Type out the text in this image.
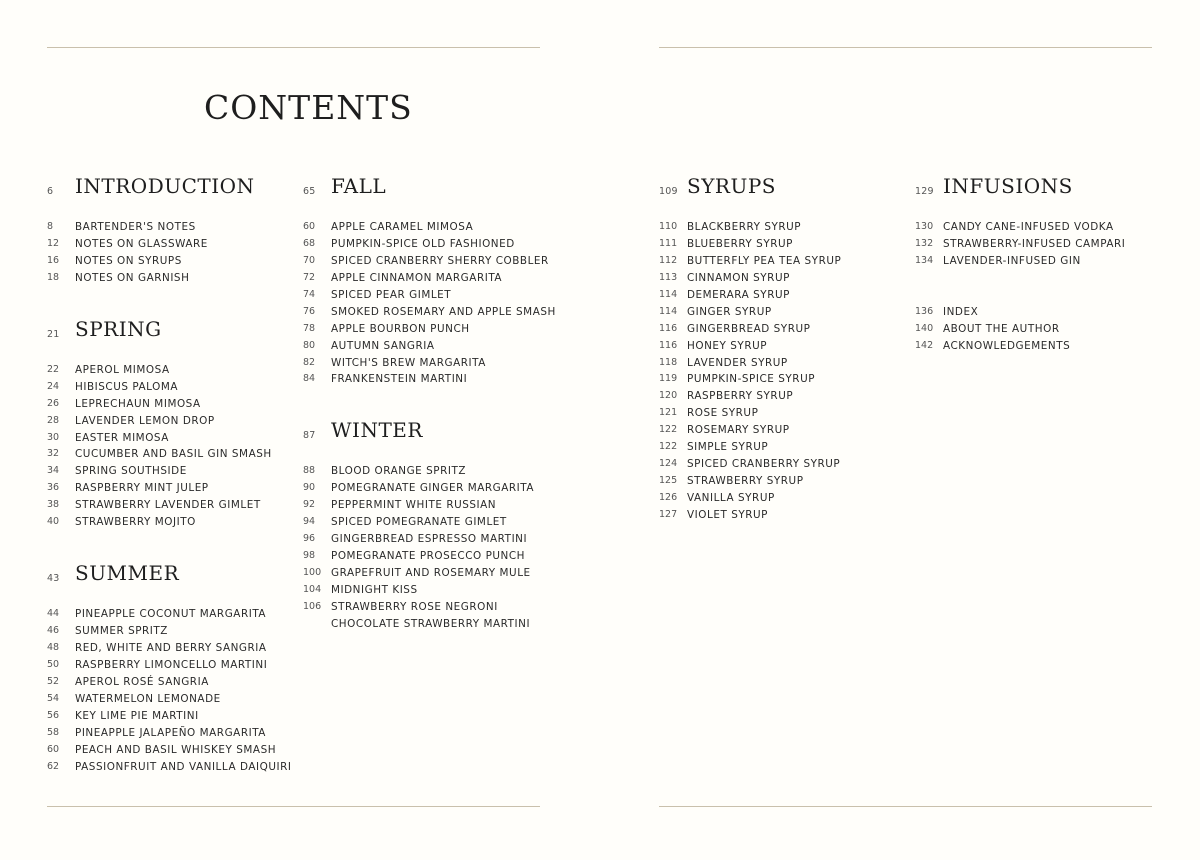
CONTENTS
6 INTRODUCTION
8	BARTENDER'S NOTES
12	NOTES ON GLASSWARE
16	NOTES ON SYRUPS
18	NOTES ON GARNISH
21 SPRING
22	APEROL MIMOSA
24	HIBISCUS PALOMA
26	LEPRECHAUN MIMOSA
28	LAVENDER LEMON DROP
30	EASTER MIMOSA
32	CUCUMBER AND BASIL GIN SMASH
34	SPRING SOUTHSIDE
36	RASPBERRY MINT JULEP
38	STRAWBERRY LAVENDER GIMLET
40	STRAWBERRY MOJITO
43 SUMMER
44	PINEAPPLE COCONUT MARGARITA
46	SUMMER SPRITZ
48	RED, WHITE AND BERRY SANGRIA
50	RASPBERRY LIMONCELLO MARTINI
52	APEROL ROSÉ SANGRIA
54	WATERMELON LEMONADE
56	KEY LIME PIE MARTINI
58	PINEAPPLE JALAPEÑO MARGARITA
60	PEACH AND BASIL WHISKEY SMASH
62	PASSIONFRUIT AND VANILLA DAIQUIRI
65 FALL
60	APPLE CARAMEL MIMOSA
68	PUMPKIN-SPICE OLD FASHIONED
70	SPICED CRANBERRY SHERRY COBBLER
72	APPLE CINNAMON MARGARITA
74	SPICED PEAR GIMLET
76	SMOKED ROSEMARY AND APPLE SMASH
78	APPLE BOURBON PUNCH
80	AUTUMN SANGRIA
82	WITCH'S BREW MARGARITA
84	FRANKENSTEIN MARTINI
87 WINTER
88	BLOOD ORANGE SPRITZ
90	POMEGRANATE GINGER MARGARITA
92	PEPPERMINT WHITE RUSSIAN
94	SPICED POMEGRANATE GIMLET
96	GINGERBREAD ESPRESSO MARTINI
98	POMEGRANATE PROSECCO PUNCH
100 GRAPEFRUIT AND ROSEMARY MULE
104 MIDNIGHT KISS
106 STRAWBERRY ROSE NEGRONI
CHOCOLATE STRAWBERRY MARTINI
109 SYRUPS
110 BLACKBERRY SYRUP
111 BLUEBERRY SYRUP
112 BUTTERFLY PEA TEA SYRUP
113 CINNAMON SYRUP
114 DEMERARA SYRUP
114 GINGER SYRUP
116 GINGERBREAD SYRUP
116 HONEY SYRUP
118 LAVENDER SYRUP
119 PUMPKIN-SPICE SYRUP
120 RASPBERRY SYRUP
121 ROSE SYRUP
122 ROSEMARY SYRUP
122 SIMPLE SYRUP
124 SPICED CRANBERRY SYRUP
125 STRAWBERRY SYRUP
126 VANILLA SYRUP
127 VIOLET SYRUP
129 INFUSIONS
130 CANDY CANE-INFUSED VODKA
132 STRAWBERRY-INFUSED CAMPARI
134 LAVENDER-INFUSED GIN
136 INDEX
140 ABOUT THE AUTHOR
142 ACKNOWLEDGEMENTS
